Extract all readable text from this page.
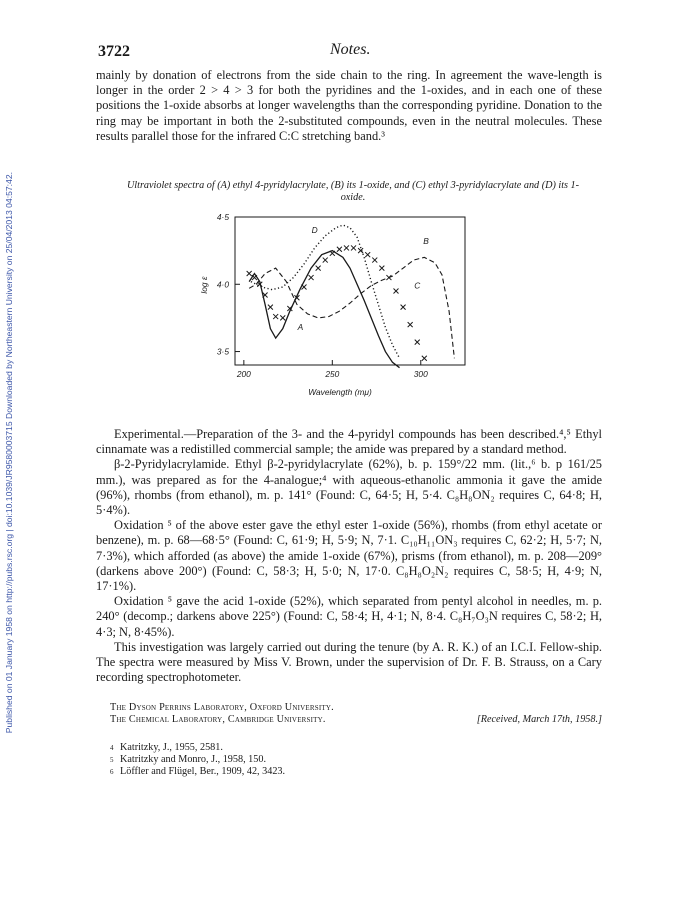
Published on 01 January 1958 on http://pubs.rsc.org | doi:10.1039/JR9580003715 Downloaded by Northeastern University on 25/04/2013 04:57:42.
3722	Notes.

mainly by donation of electrons from the side chain to the ring. In agreement the wave-length is longer in the order 2 > 4 > 3 for both the pyridines and the 1-oxides, and in each one of these positions the 1-oxide absorbs at longer wavelengths than the corresponding pyridine. Donation to the ring may be important in both the 2-substituted compounds, even in the neutral molecules. These results parallel those for the infrared C:C stretching band.³

Ultraviolet spectra of (A) ethyl 4-pyridylacrylate, (B) its 1-oxide, and (C) ethyl 3-pyridylacrylate and (D) its 1-oxide.

200	250	300
4·5
4·0
3·5
A
B
C
D
log ε
Wavelength (mμ)

Experimental.—Preparation of the 3- and the 4-pyridyl compounds has been described.⁴,⁵ Ethyl cinnamate was a redistilled commercial sample; the amide was prepared by a standard method.

β-2-Pyridylacrylamide. Ethyl β-2-pyridylacrylate (62%), b. p. 159°/22 mm. (lit.,⁶ b. p 161/25 mm.), was prepared as for the 4-analogue;⁴ with aqueous-ethanolic ammonia it gave the amide (96%), rhombs (from ethanol), m. p. 141° (Found: C, 64·5; H, 5·4. C₈H₈ON₂ requires C, 64·8; H, 5·4%).

Oxidation ⁵ of the above ester gave the ethyl ester 1-oxide (56%), rhombs (from ethyl acetate or benzene), m. p. 68—68·5° (Found: C, 61·9; H, 5·9; N, 7·1. C₁₀H₁₁ON₃ requires C, 62·2; H, 5·7; N, 7·3%), which afforded (as above) the amide 1-oxide (67%), prisms (from ethanol), m. p. 208—209° (darkens above 200°) (Found: C, 58·3; H, 5·0; N, 17·0. C₈H₈O₂N₂ requires C, 58·5; H, 4·9; N, 17·1%).

Oxidation ⁵ gave the acid 1-oxide (52%), which separated from pentyl alcohol in needles, m. p. 240° (decomp.; darkens above 225°) (Found: C, 58·4; H, 4·1; N, 8·4. C₈H₇O₃N requires C, 58·2; H, 4·3; N, 8·45%).

This investigation was largely carried out during the tenure (by A. R. K.) of an I.C.I. Fellow-ship. The spectra were measured by Miss V. Brown, under the supervision of Dr. F. B. Strauss, on a Cary recording spectrophotometer.

The Dyson Perrins Laboratory, Oxford University.
The Chemical Laboratory, Cambridge University.	[Received, March 17th, 1958.]
4 Katritzky, J., 1955, 2581.
5 Katritzky and Monro, J., 1958, 150.
6 Löffler and Flügel, Ber., 1909, 42, 3423.
